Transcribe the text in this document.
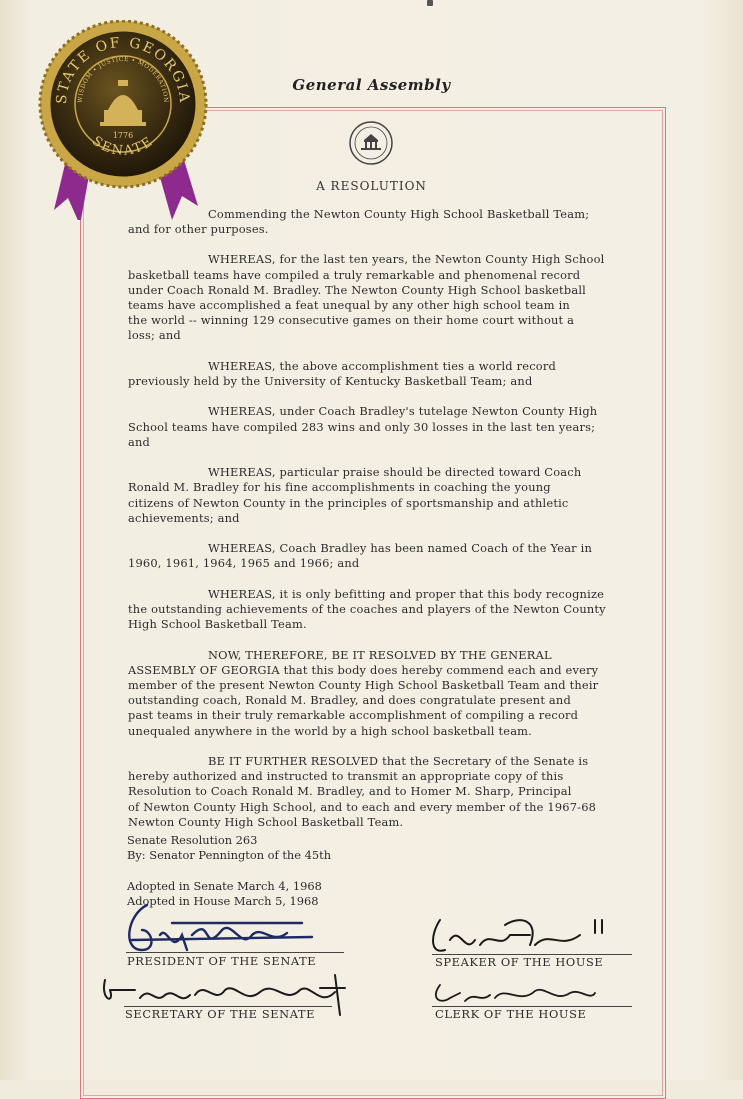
STATE OF GEORGIA
WISDOM • JUSTICE • MODERATION
1776
SENATE
General Assembly
A RESOLUTION

Commending the Newton County High School Basketball Team;
and for other purposes.

WHEREAS, for the last ten years, the Newton County High School
basketball teams have compiled a truly remarkable and phenomenal record
under Coach Ronald M. Bradley. The Newton County High School basketball
teams have accomplished a feat unequal by any other high school team in
the world -- winning 129 consecutive games on their home court without a
loss; and

WHEREAS, the above accomplishment ties a world record
previously held by the University of Kentucky Basketball Team; and

WHEREAS, under Coach Bradley's tutelage Newton County High
School teams have compiled 283 wins and only 30 losses in the last ten years;
and

WHEREAS, particular praise should be directed toward Coach
Ronald M. Bradley for his fine accomplishments in coaching the young
citizens of Newton County in the principles of sportsmanship and athletic
achievements; and

WHEREAS, Coach Bradley has been named Coach of the Year in
1960, 1961, 1964, 1965 and 1966; and

WHEREAS, it is only befitting and proper that this body recognize
the outstanding achievements of the coaches and players of the Newton County
High School Basketball Team.

NOW, THEREFORE, BE IT RESOLVED BY THE GENERAL
ASSEMBLY OF GEORGIA that this body does hereby commend each and every
member of the present Newton County High School Basketball Team and their
outstanding coach, Ronald M. Bradley, and does congratulate present and
past teams in their truly remarkable accomplishment of compiling a record
unequaled anywhere in the world by a high school basketball team.

BE IT FURTHER RESOLVED that the Secretary of the Senate is
hereby authorized and instructed to transmit an appropriate copy of this
Resolution to Coach Ronald M. Bradley, and to Homer M. Sharp, Principal
of Newton County High School, and to each and every member of the 1967-68
Newton County High School Basketball Team.

Senate Resolution 263
By: Senator Pennington of the 45th
Adopted in Senate March 4, 1968
Adopted in House March 5, 1968
PRESIDENT OF THE SENATE	SPEAKER OF THE HOUSE
SECRETARY OF THE SENATE	CLERK OF THE HOUSE
